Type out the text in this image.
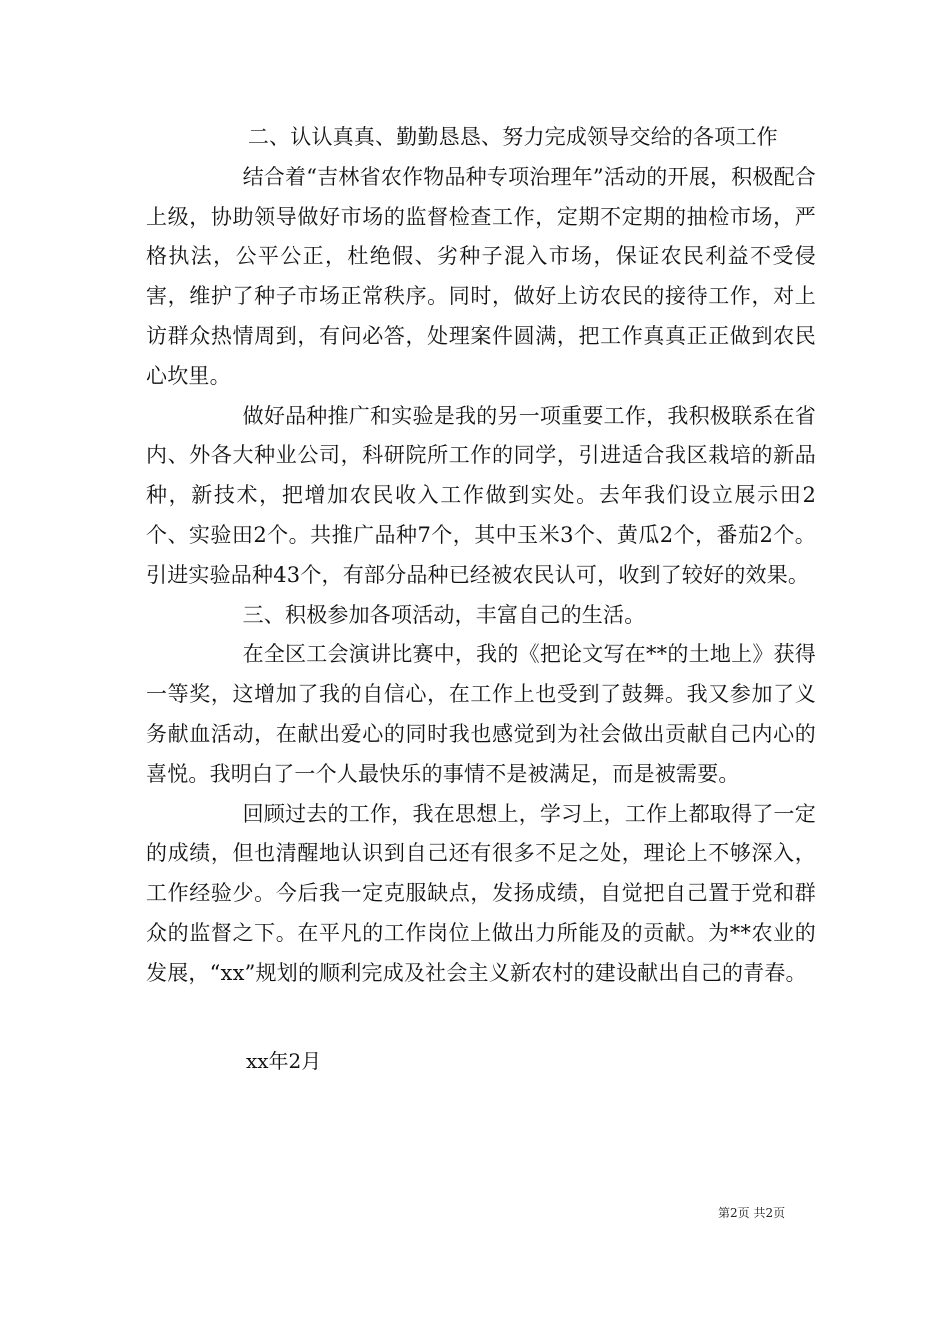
二、认认真真、勤勤恳恳、努力完成领导交给的各项工作

结合着“吉林省农作物品种专项治理年”活动的开展，积极配合上级，协助领导做好市场的监督检查工作，定期不定期的抽检市场，严格执法，公平公正，杜绝假、劣种子混入市场，保证农民利益不受侵害，维护了种子市场正常秩序。同时，做好上访农民的接待工作，对上访群众热情周到，有问必答，处理案件圆满，把工作真真正正做到农民心坎里。

做好品种推广和实验是我的另一项重要工作，我积极联系在省内、外各大种业公司，科研院所工作的同学，引进适合我区栽培的新品种，新技术，把增加农民收入工作做到实处。去年我们设立展示田2个、实验田2个。共推广品种7个，其中玉米3个、黄瓜2个，番茄2个。引进实验品种43个，有部分品种已经被农民认可，收到了较好的效果。

三、积极参加各项活动，丰富自己的生活。

在全区工会演讲比赛中，我的《把论文写在**的土地上》获得一等奖，这增加了我的自信心，在工作上也受到了鼓舞。我又参加了义务献血活动，在献出爱心的同时我也感觉到为社会做出贡献自己内心的喜悦。我明白了一个人最快乐的事情不是被满足，而是被需要。

回顾过去的工作，我在思想上，学习上，工作上都取得了一定的成绩，但也清醒地认识到自己还有很多不足之处，理论上不够深入，工作经验少。今后我一定克服缺点，发扬成绩，自觉把自己置于党和群众的监督之下。在平凡的工作岗位上做出力所能及的贡献。为**农业的发展，“xx”规划的顺利完成及社会主义新农村的建设献出自己的青春。

xx年2月
第2页 共2页
